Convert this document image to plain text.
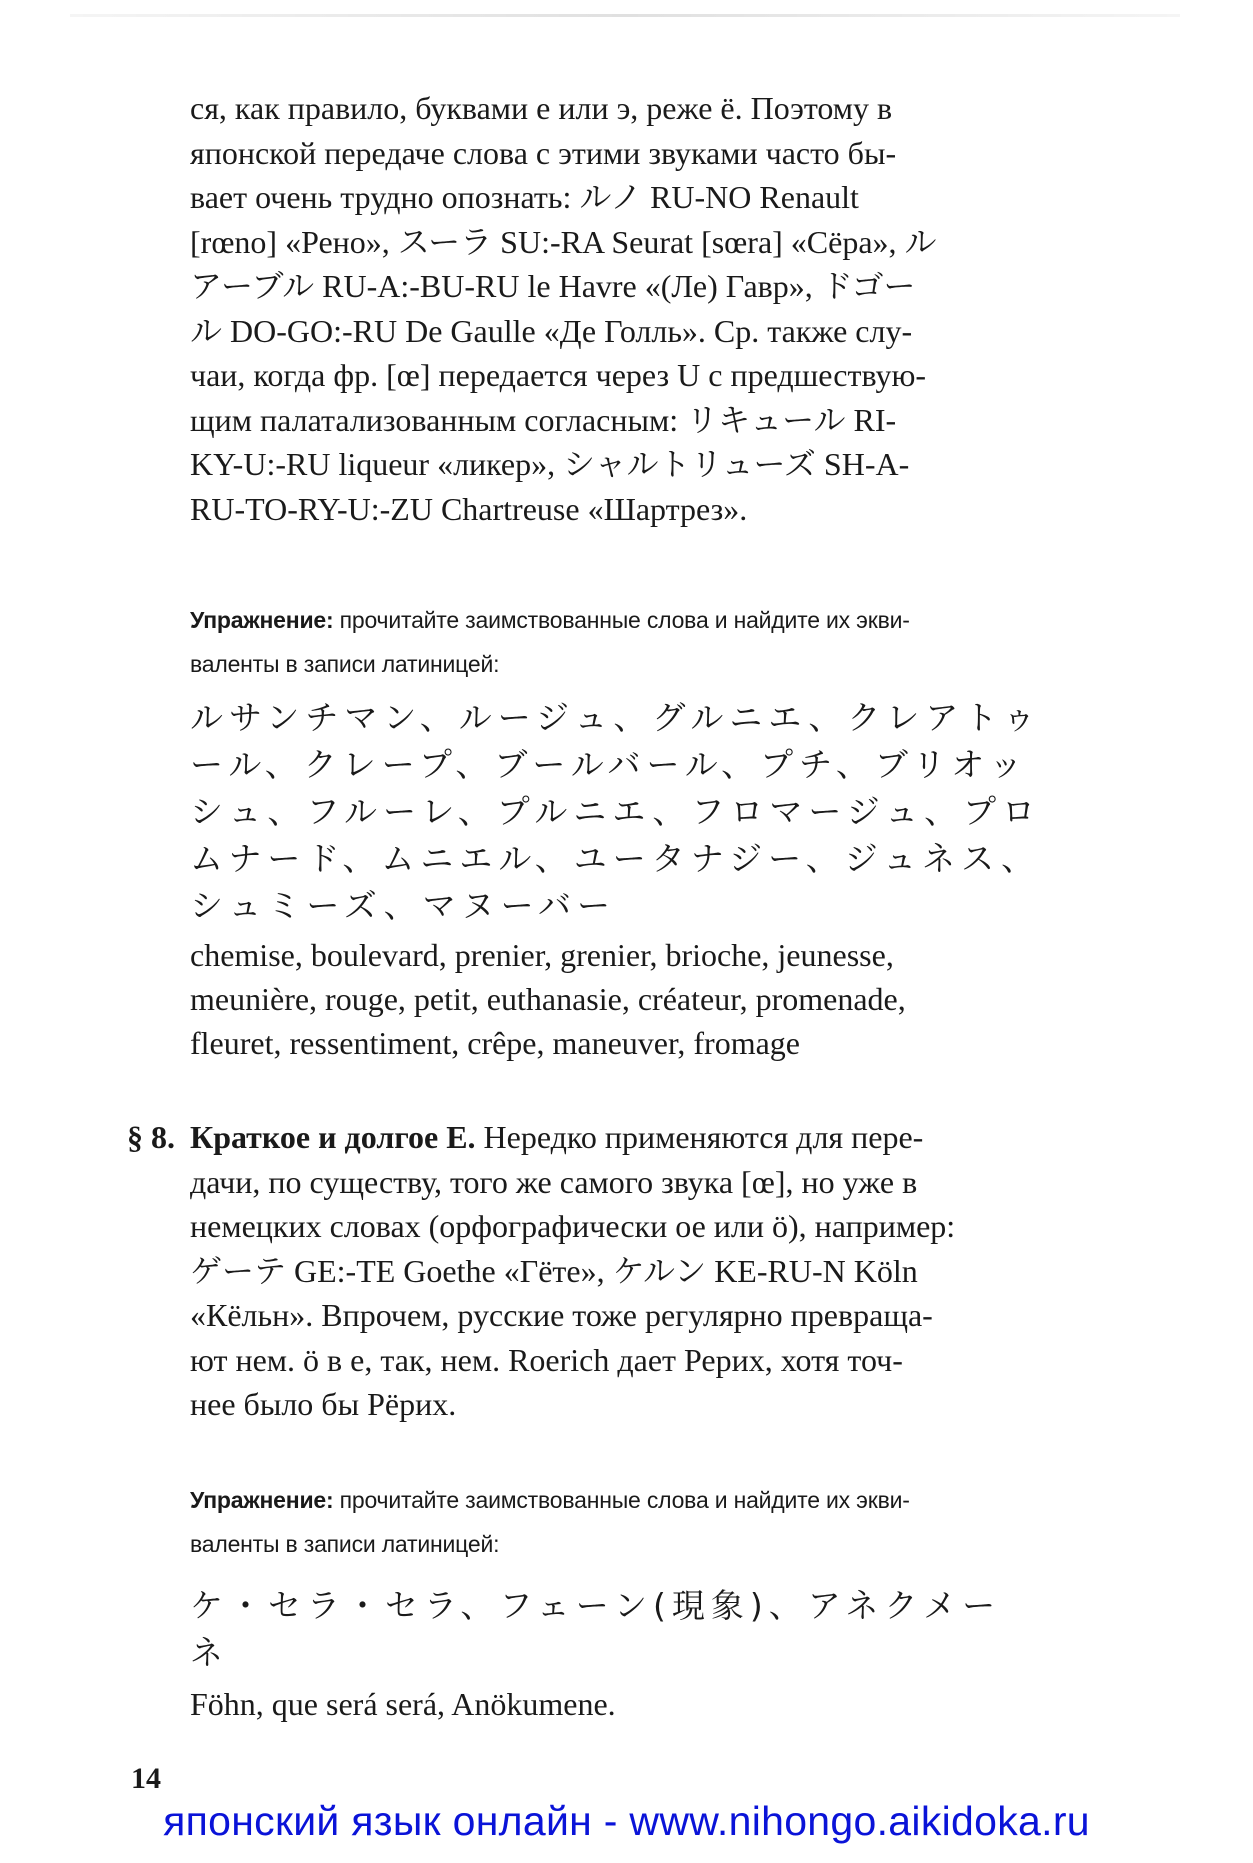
ся, как правило, буквами е или э, реже ё. Поэтому в

японской передаче слова с этими звуками часто бы-

вает очень трудно опознать: ルノ RU-NO Renault

[rœno] «Рено», スーラ SU:-RA Seurat [sœra] «Сёра», ル

アーブル RU-A:-BU-RU le Havre «(Ле) Гавр», ドゴー

ル DO-GO:-RU De Gaulle «Де Голль». Ср. также слу-

чаи, когда фр. [œ] передается через U с предшествую-

щим палатализованным согласным: リキュール RI-

KY-U:-RU liqueur «ликер», シャルトリューズ SH-A-

RU-TO-RY-U:-ZU Chartreuse «Шартрез».

Упражнение: прочитайте заимствованные слова и найдите их экви-
валенты в записи латиницей:
ルサンチマン、ルージュ、グルニエ、クレアトゥ
ール、クレープ、ブールバール、プチ、ブリオッ
シュ、フルーレ、プルニエ、フロマージュ、プロ
ムナード、ムニエル、ユータナジー、ジュネス、
シュミーズ、マヌーバー
chemise, boulevard, prenier, grenier, brioche, jeunesse,
meunière, rouge, petit, euthanasie, créateur, promenade,
fleuret, ressentiment, crêpe, maneuver, fromage
§ 8. Краткое и долгое Е. Нередко применяются для пере-

дачи, по существу, того же самого звука [œ], но уже в

немецких словах (орфографически ое или ö), например:

ゲーテ GE:-TE Goethe «Гёте», ケルン KE-RU-N Köln

«Кёльн». Впрочем, русские тоже регулярно превраща-

ют нем. ö в е, так, нем. Roerich дает Рерих, хотя точ-

нее было бы Рёрих.

Упражнение: прочитайте заимствованные слова и найдите их экви-
валенты в записи латиницей:
ケ・セラ・セラ、フェーン(現象)、アネクメー
ネ
Föhn, que será será, Anökumene.
14
японский язык онлайн - www.nihongo.aikidoka.ru
